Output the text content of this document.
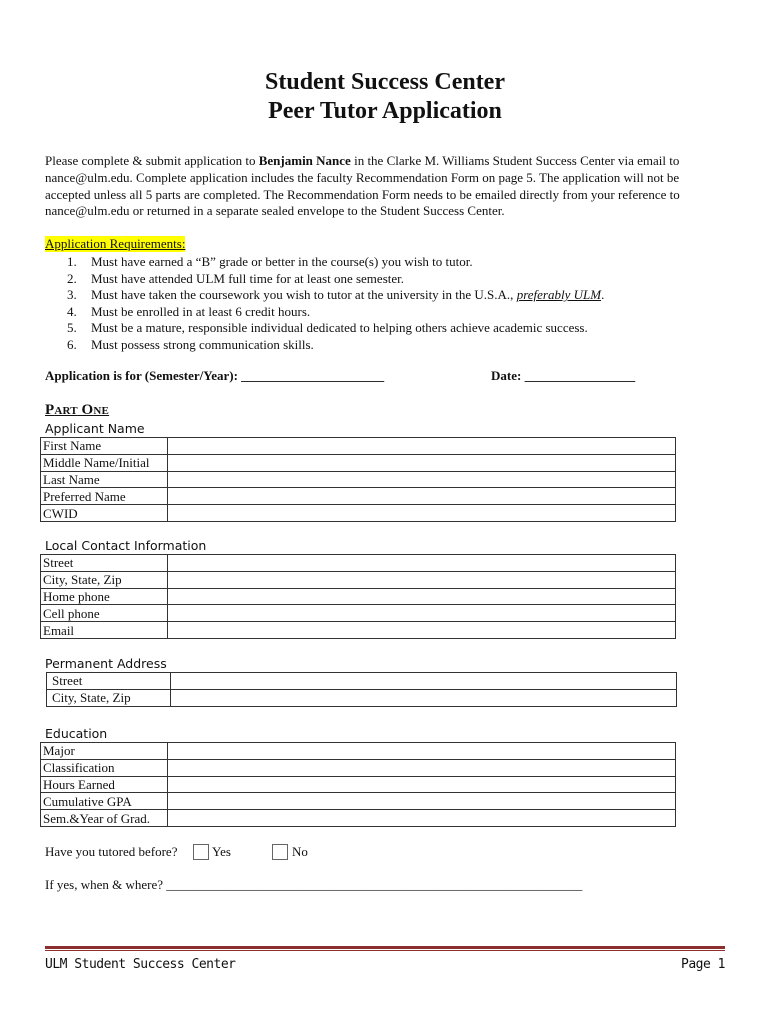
Student Success Center
Peer Tutor Application
Please complete & submit application to Benjamin Nance in the Clarke M. Williams Student Success Center via email to nance@ulm.edu. Complete application includes the faculty Recommendation Form on page 5. The application will not be accepted unless all 5 parts are completed. The Recommendation Form needs to be emailed directly from your reference to nance@ulm.edu or returned in a separate sealed envelope to the Student Success Center.
Application Requirements:
1. Must have earned a “B” grade or better in the course(s) you wish to tutor.
2. Must have attended ULM full time for at least one semester.
3. Must have taken the coursework you wish to tutor at the university in the U.S.A., preferably ULM.
4. Must be enrolled in at least 6 credit hours.
5. Must be a mature, responsible individual dedicated to helping others achieve academic success.
6. Must possess strong communication skills.
Application is for (Semester/Year): ______________________	Date: _________________
PART ONE
Applicant Name
First Name	
Middle Name/Initial	
Last Name	
Preferred Name	
CWID	
Local Contact Information
Street	
City, State, Zip	
Home phone	
Cell phone	
Email	
Permanent Address
Street	
City, State, Zip	
Education
Major	
Classification	
Hours Earned	
Cumulative GPA	
Sem.&Year of Grad.	
Have you tutored before?	Yes	No
If yes, when & where? ________________________________________________________________
ULM Student Success Center	Page 1
